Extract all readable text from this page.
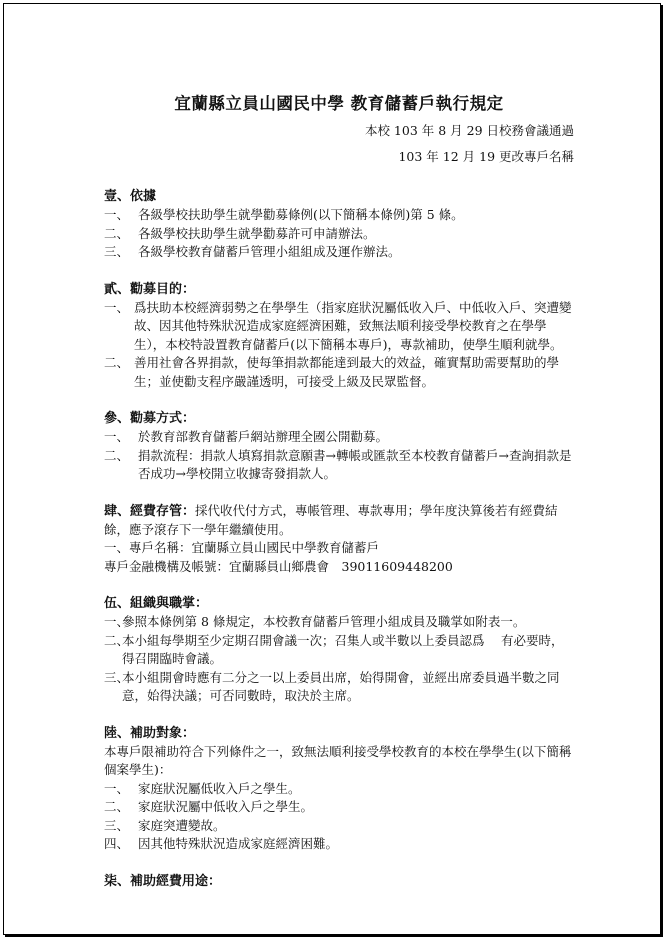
宜蘭縣立員山國民中學 教育儲蓄戶執行規定
本校 103 年 8 月 29 日校務會議通過
103 年 12 月 19 更改專戶名稱
壹、依據
一、 各級學校扶助學生就學勸募條例(以下簡稱本條例)第 5 條。
二、 各級學校扶助學生就學勸募許可申請辦法。
三、 各級學校教育儲蓄戶管理小組組成及運作辦法。
貳、勸募目的：
一、 爲扶助本校經濟弱勢之在學學生（指家庭狀況屬低收入戶、中低收入戶、突遭變故、因其他特殊狀況造成家庭經濟困難，致無法順利接受學校教育之在學學生），本校特設置教育儲蓄戶(以下簡稱本專戶)，專款補助，使學生順利就學。
二、 善用社會各界捐款，使每筆捐款都能達到最大的效益，確實幫助需要幫助的學生；並使勸支程序嚴謹透明，可接受上級及民眾監督。
參、勸募方式：
一、 於教育部教育儲蓄戶網站辦理全國公開勸募。
二、 捐款流程：捐款人填寫捐款意願書→轉帳或匯款至本校教育儲蓄戶→查詢捐款是否成功→學校開立收據寄發捐款人。
肆、經費存管：採代收代付方式，專帳管理、專款專用；學年度決算後若有經費結餘，應予滾存下一學年繼續使用。
一、專戶名稱：宜蘭縣立員山國民中學教育儲蓄戶
專戶金融機構及帳號：宜蘭縣員山鄉農會　39011609448200
伍、組織與職掌：
一、
參照本條例第 8 條規定，本校教育儲蓄戶管理小組成員及職掌如附表一。
二、
本小組每學期至少定期召開會議一次；召集人或半數以上委員認爲　 有必要時，得召開臨時會議。
三、
本小組開會時應有二分之一以上委員出席，始得開會，並經出席委員過半數之同意，始得決議；可否同數時，取決於主席。
陸、補助對象：
本專戶限補助符合下列條件之一，致無法順利接受學校教育的本校在學學生(以下簡稱個案學生)：
一、 家庭狀況屬低收入戶之學生。
二、 家庭狀況屬中低收入戶之學生。
三、 家庭突遭變故。
四、 因其他特殊狀況造成家庭經濟困難。
柒、補助經費用途：
